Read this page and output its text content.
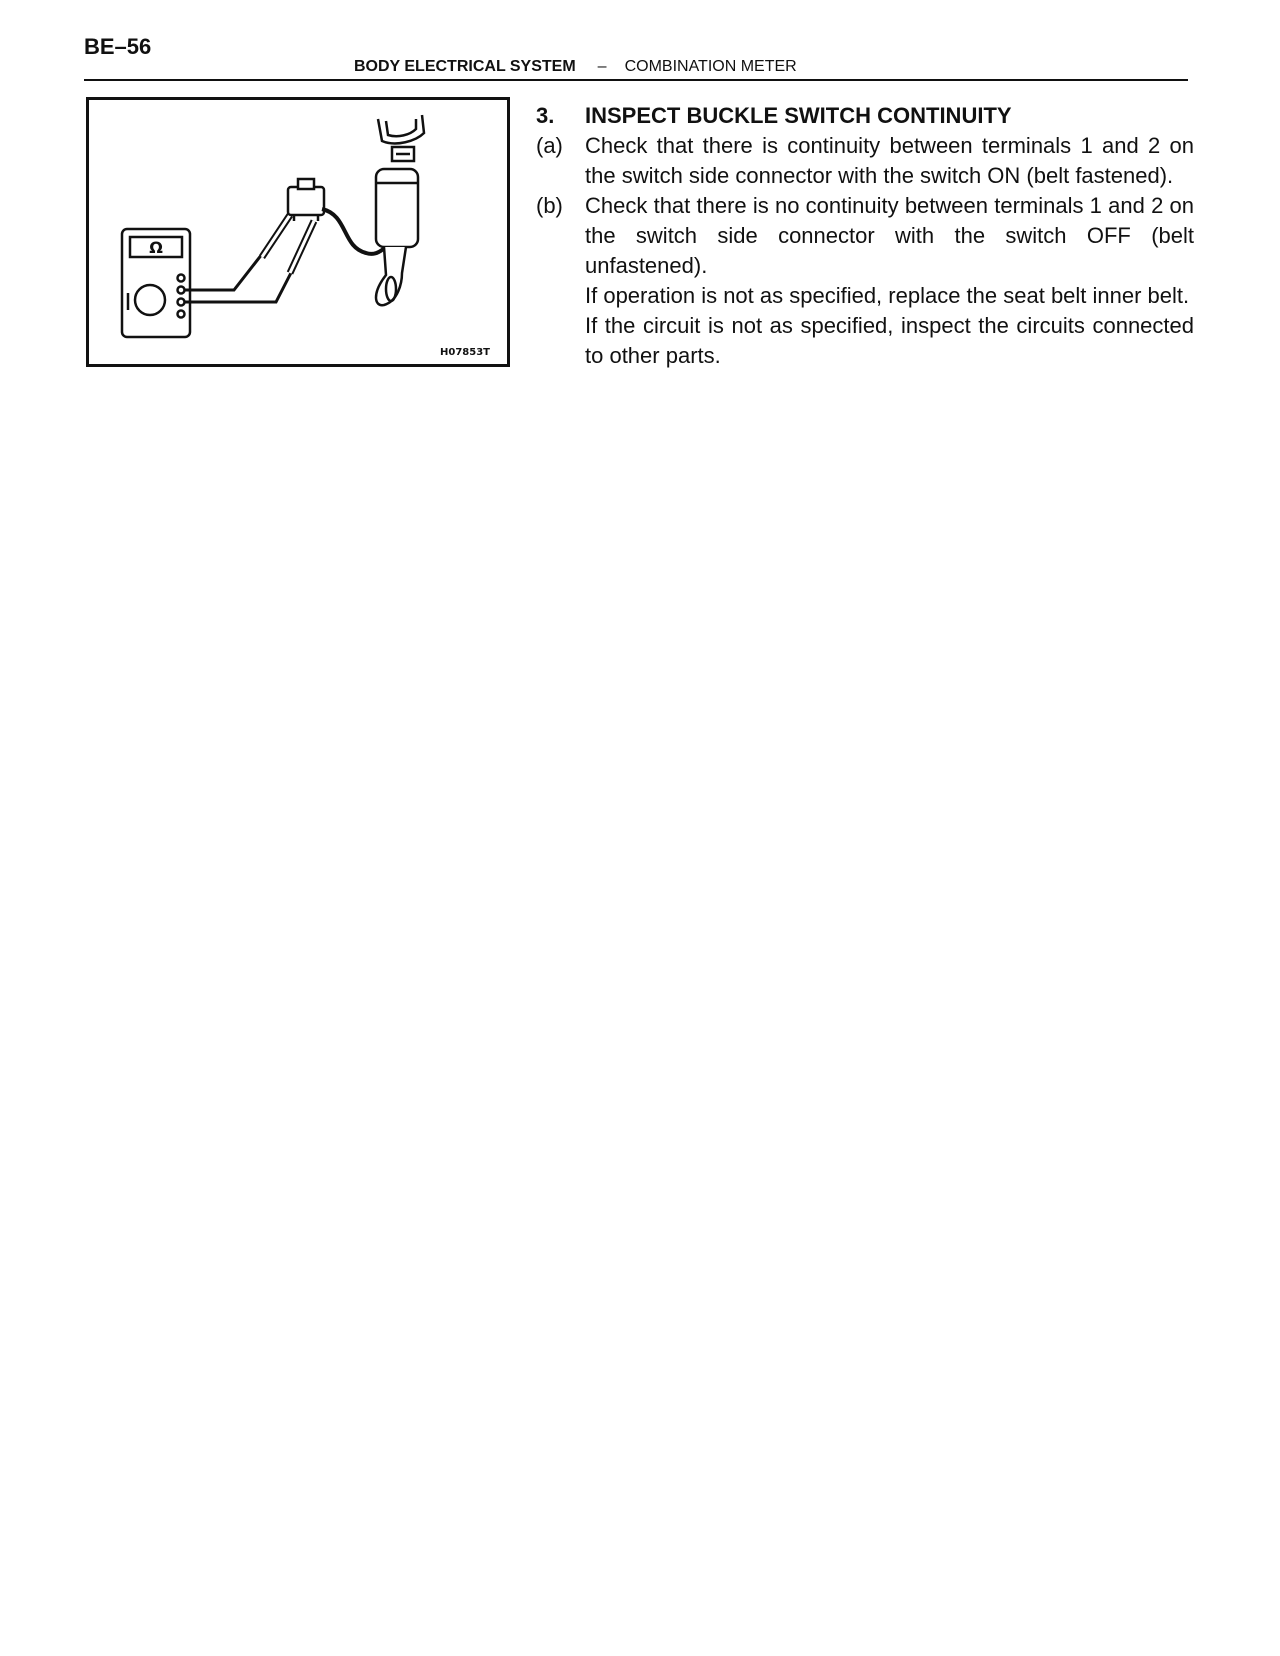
BE–56
BODY ELECTRICAL SYSTEM – COMBINATION METER
Ω
H07853T
3.	INSPECT BUCKLE SWITCH CONTINUITY
(a)	Check that there is continuity between terminals 1 and 2 on the switch side connector with the switch ON (belt fastened).
(b)	Check that there is no continuity between terminals 1 and 2 on the switch side connector with the switch OFF (belt unfastened).
If operation is not as specified, replace the seat belt inner belt.
If the circuit is not as specified, inspect the circuits connected to other parts.
